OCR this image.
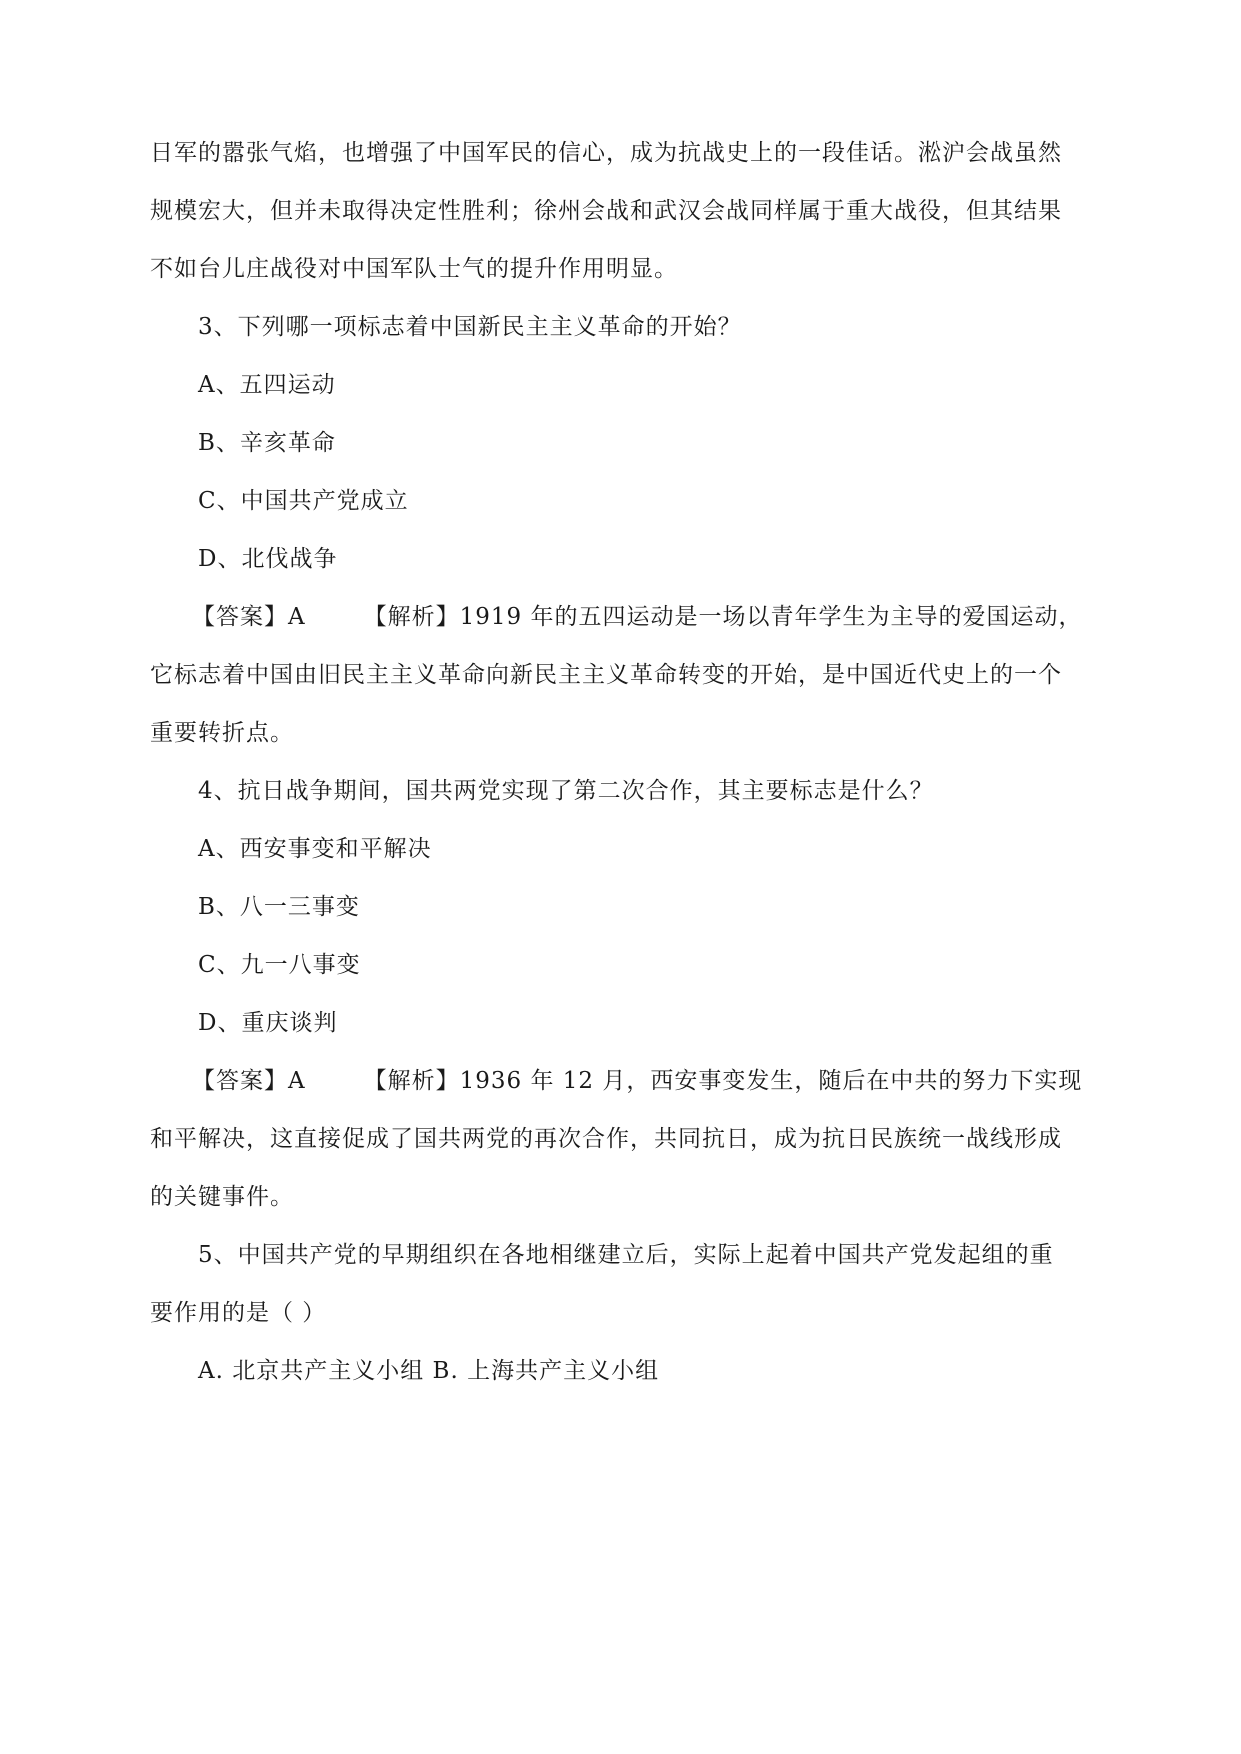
日军的嚣张气焰，也增强了中国军民的信心，成为抗战史上的一段佳话。淞沪会战虽然
规模宏大，但并未取得决定性胜利；徐州会战和武汉会战同样属于重大战役，但其结果
不如台儿庄战役对中国军队士气的提升作用明显。
3、下列哪一项标志着中国新民主主义革命的开始？
A、五四运动
B、辛亥革命
C、中国共产党成立
D、北伐战争
【答案】A	【解析】1919 年的五四运动是一场以青年学生为主导的爱国运动，
它标志着中国由旧民主主义革命向新民主主义革命转变的开始，是中国近代史上的一个
重要转折点。
4、抗日战争期间，国共两党实现了第二次合作，其主要标志是什么？
A、西安事变和平解决
B、八一三事变
C、九一八事变
D、重庆谈判
【答案】A	【解析】1936 年 12 月，西安事变发生，随后在中共的努力下实现
和平解决，这直接促成了国共两党的再次合作，共同抗日，成为抗日民族统一战线形成
的关键事件。
5、中国共产党的早期组织在各地相继建立后，实际上起着中国共产党发起组的重
要作用的是（ ）
A. 北京共产主义小组 B. 上海共产主义小组
